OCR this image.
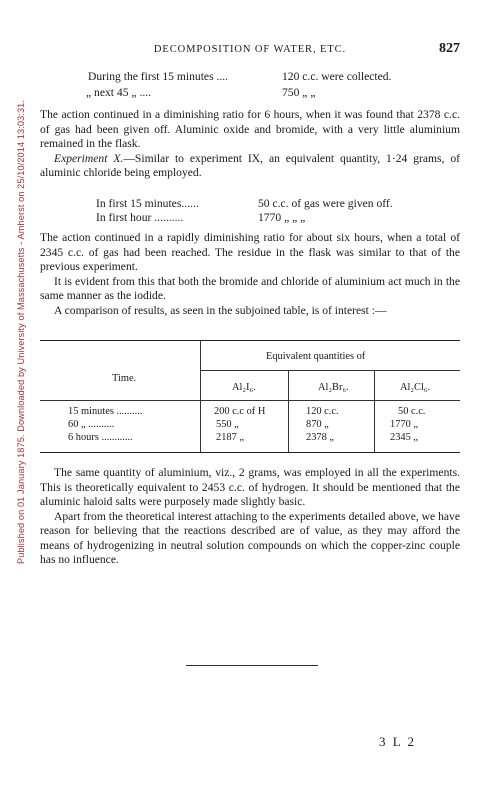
Published on 01 January 1875. Downloaded by University of Massachusetts - Amherst on 25/10/2014 13:03:31.
DECOMPOSITION OF WATER, ETC.	827
During the first 15 minutes ....	120 c.c. were collected.
„ next 45 „ ....	750 „ „

The action continued in a diminishing ratio for 6 hours, when it was found that 2378 c.c. of gas had been given off. Aluminic oxide and bromide, with a very little aluminium remained in the flask.

Experiment X.—Similar to experiment IX, an equivalent quantity, 1·24 grams, of aluminic chloride being employed.

In first 15 minutes......	50 c.c. of gas were given off.
In first hour ..........	1770 „ „ „

The action continued in a rapidly diminishing ratio for about six hours, when a total of 2345 c.c. of gas had been reached. The residue in the flask was similar to that of the previous experiment.

It is evident from this that both the bromide and chloride of aluminium act much in the same manner as the iodide.

A comparison of results, as seen in the subjoined table, is of interest :—

Time.
Equivalent quantities of
Al₂I₆.	Al₂Br₆.	Al₂Cl₆.
15 minutes ..........	200 c.c of H	120 c.c.	50 c.c.
60 „ ..........	550 „	870 „	1770 „
6 hours ............	2187 „	2378 „	2345 „

The same quantity of aluminium, viz., 2 grams, was employed in all the experiments. This is theoretically equivalent to 2453 c.c. of hydrogen. It should be mentioned that the aluminic haloid salts were purposely made slightly basic.

Apart from the theoretical interest attaching to the experiments detailed above, we have reason for believing that the reactions described are of value, as they may afford the means of hydrogenizing in neutral solution compounds on which the copper-zinc couple has no influence.

3 L 2
